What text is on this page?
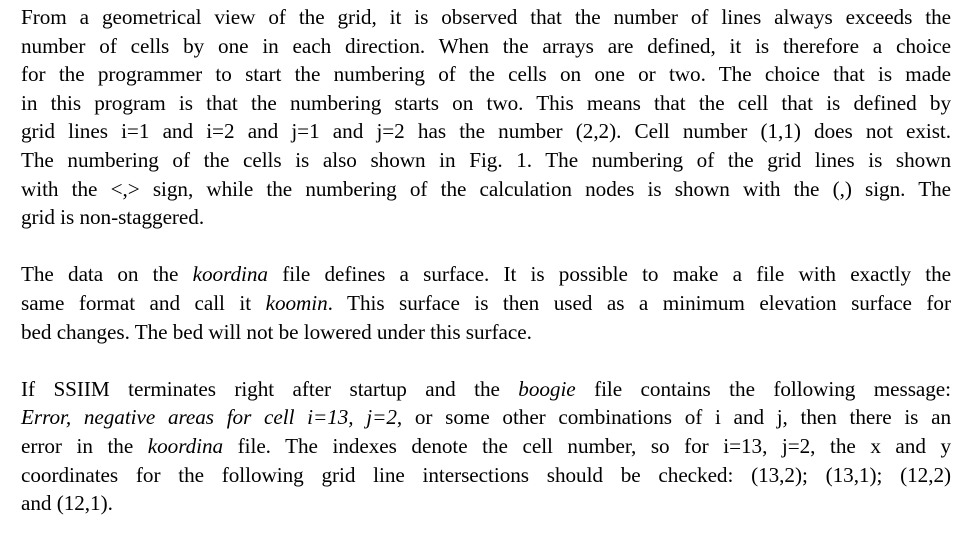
From a geometrical view of the grid, it is observed that the number of lines always exceeds the
number of cells by one in each direction. When the arrays are defined, it is therefore a choice
for the programmer to start the numbering of the cells on one or two. The choice that is made
in this program is that the numbering starts on two. This means that the cell that is defined by
grid lines i=1 and i=2 and j=1 and j=2 has the number (2,2). Cell number (1,1) does not exist.
The numbering of the cells is also shown in Fig. 1. The numbering of the grid lines is shown
with the <,> sign, while the numbering of the calculation nodes is shown with the (,) sign. The
grid is non-staggered.
The data on the koordina file defines a surface. It is possible to make a file with exactly the
same format and call it koomin. This surface is then used as a minimum elevation surface for
bed changes. The bed will not be lowered under this surface.
If SSIIM terminates right after startup and the boogie file contains the following message:
Error, negative areas for cell i=13, j=2, or some other combinations of i and j, then there is an
error in the koordina file. The indexes denote the cell number, so for i=13, j=2, the x and y
coordinates for the following grid line intersections should be checked: (13,2); (13,1); (12,2)
and (12,1).
